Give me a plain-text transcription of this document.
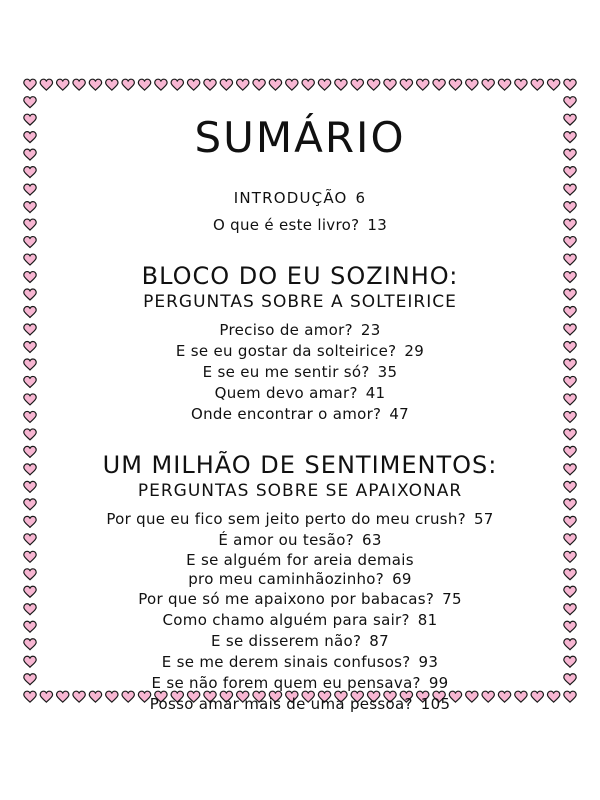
SUMÁRIO
INTRODUÇÃO 6
O que é este livro? 13
BLOCO DO EU SOZINHO:
PERGUNTAS SOBRE A SOLTEIRICE
Preciso de amor? 23
E se eu gostar da solteirice? 29
E se eu me sentir só? 35
Quem devo amar? 41
Onde encontrar o amor? 47
UM MILHÃO DE SENTIMENTOS:
PERGUNTAS SOBRE SE APAIXONAR
Por que eu fico sem jeito perto do meu crush? 57
É amor ou tesão? 63
E se alguém for areia demais
pro meu caminhãozinho? 69
Por que só me apaixono por babacas? 75
Como chamo alguém para sair? 81
E se disserem não? 87
E se me derem sinais confusos? 93
E se não forem quem eu pensava? 99
Posso amar mais de uma pessoa? 105
